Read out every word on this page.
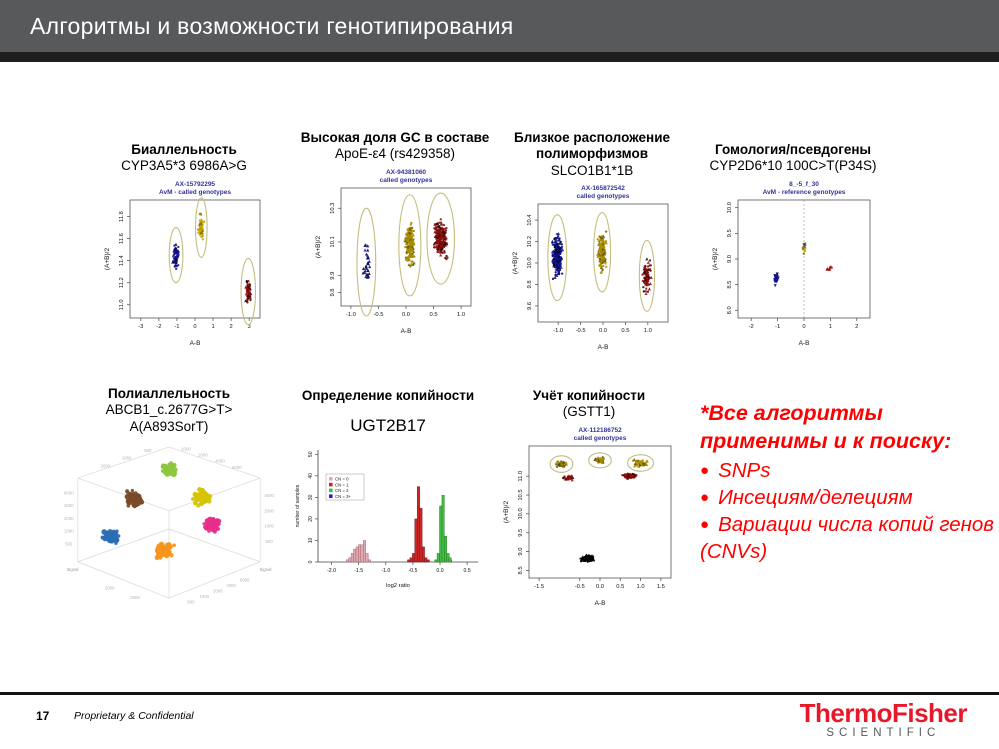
Алгоритмы и возможности генотипирования
Биаллельность
CYP3A5*3 6986A>G
AX-15792295
AvM - called genotypes
-3 -2 -1 0	1	2	3
11.0
11.2
11.4
11.6
11.8
A-B
(A+B)/2
Высокая доля GC в составе
ApoE-ε4 (rs429358)
AX-94381060
called genotypes
-1.0	-0.5	0.0	0.5	1.0
9.8
9.9
10.1
10.3
A-B
(A+B)/2
Близкое расположение полиморфизмов
SLCO1B1*1B
AX-165872542
called genotypes
-1.0 -0.5 0.0 0.5 1.0
9.6
9.8
10.0
10.2
10.4
A-B
(A+B)/2
Гомология/псевдогены
CYP2D6*10 100C>T(P34S)
8_-5_f_30
AvM - reference genotypes
-2	-1	0	1	2
8.0
8.5
9.0
9.5
10.0
A-B
(A+B)/2
Полиаллельность
ABCB1_c.2677G>T>
A(A893SorT)
500
1000
2000
1000
2000
4000
6000
6000
4000
2000
1000
500
4000
2000
1000
500
1000
2000
500
1000
2000
4000
6000
Signal	Signal
Определение копийности
UGT2B17
-2.0	-1.5	-1.0	-0.5	0.0	0.5
0
10
20
30
40
50
log2 ratio
number of samples
CN = 0
CN = 1
CN = 2
CN = 3+
Учёт копийности
(GSTT1)
AX-112186752
called genotypes
-1.5	-0.5 0.0 0.5 1.0 1.5
8.5
9.0
9.5
10.0
10.5
11.0
A-B
(A+B)/2
*Все алгоритмы применимы и к поиску:
● SNPs
● Инсециям/делециям
● Вариации числа копий генов (CNVs)
17 Proprietary & Confidential	ThermoFisher
SCIENTIFIC
